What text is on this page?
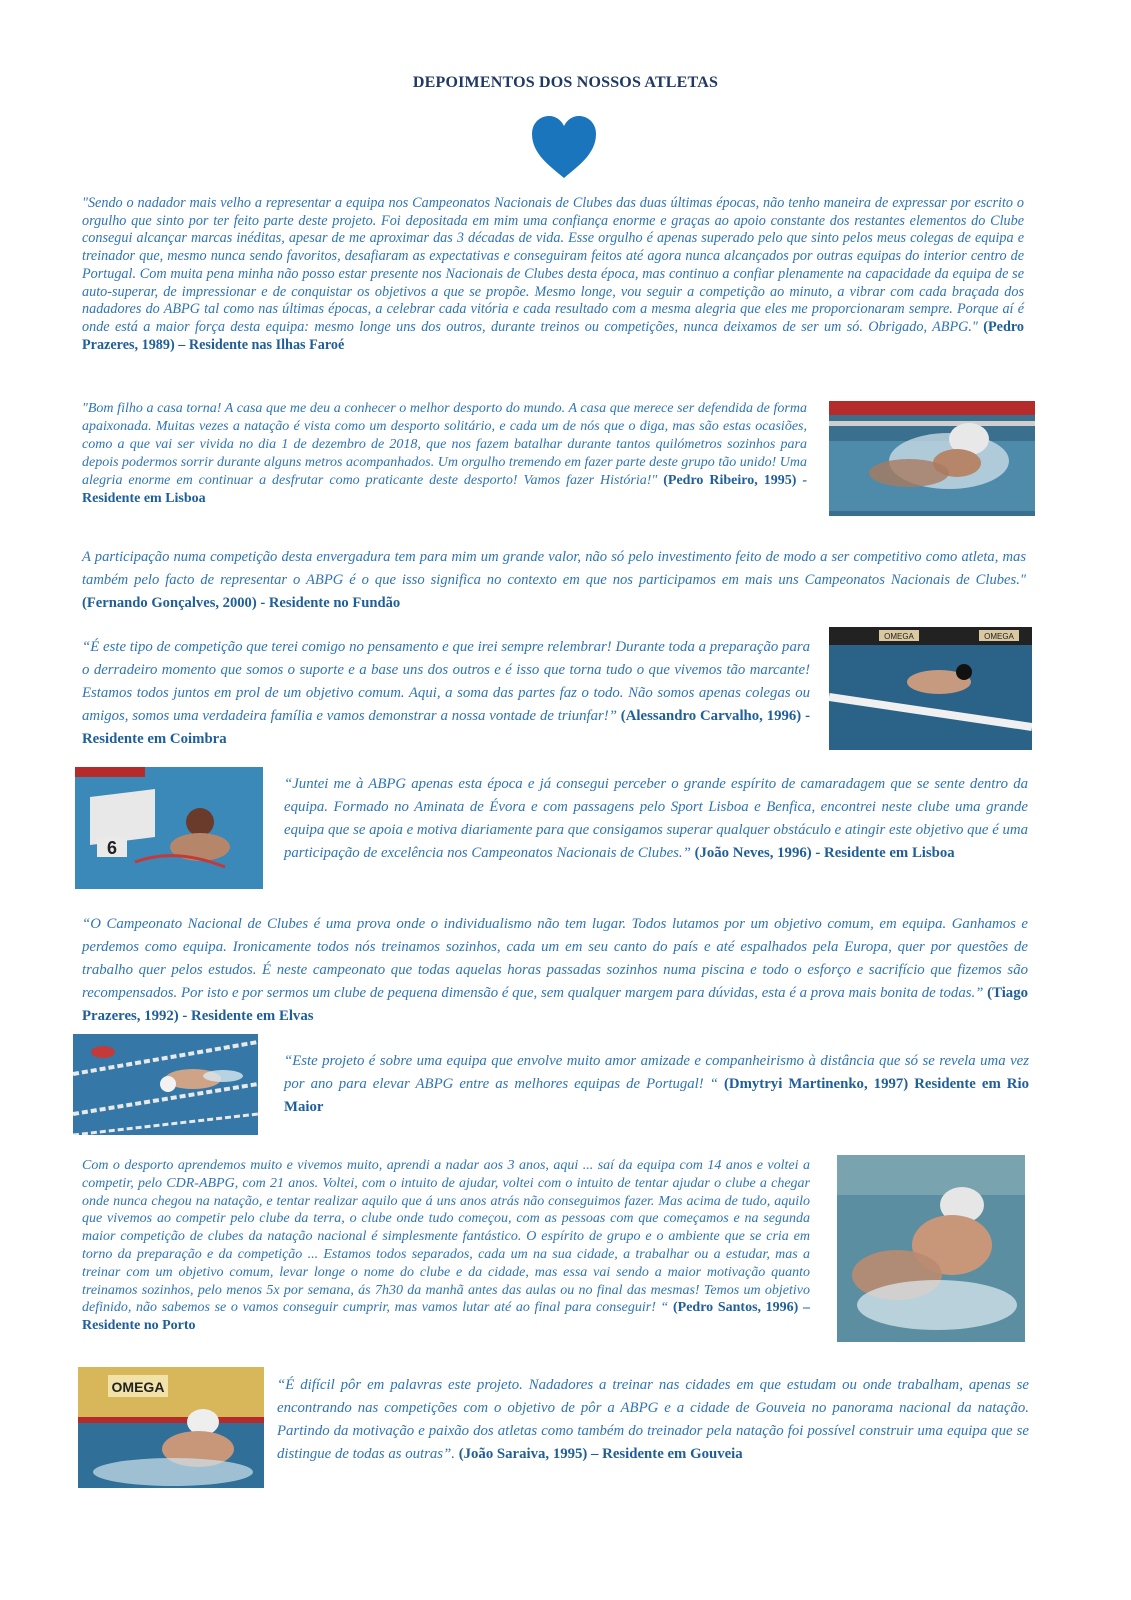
DEPOIMENTOS DOS NOSSOS ATLETAS
"Sendo o nadador mais velho a representar a equipa nos Campeonatos Nacionais de Clubes das duas últimas épocas, não tenho maneira de expressar por escrito o orgulho que sinto por ter feito parte deste projeto. Foi depositada em mim uma confiança enorme e graças ao apoio constante dos restantes elementos do Clube consegui alcançar marcas inéditas, apesar de me aproximar das 3 décadas de vida. Esse orgulho é apenas superado pelo que sinto pelos meus colegas de equipa e treinador que, mesmo nunca sendo favoritos, desafiaram as expectativas e conseguiram feitos até agora nunca alcançados por outras equipas do interior centro de Portugal. Com muita pena minha não posso estar presente nos Nacionais de Clubes desta época, mas continuo a confiar plenamente na capacidade da equipa de se auto-superar, de impressionar e de conquistar os objetivos a que se propõe. Mesmo longe, vou seguir a competição ao minuto, a vibrar com cada braçada dos nadadores do ABPG tal como nas últimas épocas, a celebrar cada vitória e cada resultado com a mesma alegria que eles me proporcionaram sempre. Porque aí é onde está a maior força desta equipa: mesmo longe uns dos outros, durante treinos ou competições, nunca deixamos de ser um só. Obrigado, ABPG." (Pedro Prazeres, 1989) – Residente nas Ilhas Faroé
"Bom filho a casa torna! A casa que me deu a conhecer o melhor desporto do mundo. A casa que merece ser defendida de forma apaixonada. Muitas vezes a natação é vista como um desporto solitário, e cada um de nós que o diga, mas são estas ocasiões, como a que vai ser vivida no dia 1 de dezembro de 2018, que nos fazem batalhar durante tantos quilómetros sozinhos para depois podermos sorrir durante alguns metros acompanhados. Um orgulho tremendo em fazer parte deste grupo tão unido! Uma alegria enorme em continuar a desfrutar como praticante deste desporto! Vamos fazer História!" (Pedro Ribeiro, 1995) - Residente em Lisboa
A participação numa competição desta envergadura tem para mim um grande valor, não só pelo investimento feito de modo a ser competitivo como atleta, mas também pelo facto de representar o ABPG é o que isso significa no contexto em que nos participamos em mais uns Campeonatos Nacionais de Clubes." (Fernando Gonçalves, 2000) - Residente no Fundão
“É este tipo de competição que terei comigo no pensamento e que irei sempre relembrar! Durante toda a preparação para o derradeiro momento que somos o suporte e a base uns dos outros e é isso que torna tudo o que vivemos tão marcante! Estamos todos juntos em prol de um objetivo comum. Aqui, a soma das partes faz o todo. Não somos apenas colegas ou amigos, somos uma verdadeira família e vamos demonstrar a nossa vontade de triunfar!” (Alessandro Carvalho, 1996) - Residente em Coimbra
OMEGA	OMEGA
6
“Juntei me à ABPG apenas esta época e já consegui perceber o grande espírito de camaradagem que se sente dentro da equipa. Formado no Aminata de Évora e com passagens pelo Sport Lisboa e Benfica, encontrei neste clube uma grande equipa que se apoia e motiva diariamente para que consigamos superar qualquer obstáculo e atingir este objetivo que é uma participação de excelência nos Campeonatos Nacionais de Clubes.” (João Neves, 1996) - Residente em Lisboa
“O Campeonato Nacional de Clubes é uma prova onde o individualismo não tem lugar. Todos lutamos por um objetivo comum, em equipa. Ganhamos e perdemos como equipa. Ironicamente todos nós treinamos sozinhos, cada um em seu canto do país e até espalhados pela Europa, quer por questões de trabalho quer pelos estudos. É neste campeonato que todas aquelas horas passadas sozinhos numa piscina e todo o esforço e sacrifício que fizemos são recompensados. Por isto e por sermos um clube de pequena dimensão é que, sem qualquer margem para dúvidas, esta é a prova mais bonita de todas.” (Tiago Prazeres, 1992) - Residente em Elvas
“Este projeto é sobre uma equipa que envolve muito amor amizade e companheirismo à distância que só se revela uma vez por ano para elevar ABPG entre as melhores equipas de Portugal! “ (Dmytryi Martinenko, 1997) Residente em Rio Maior
Com o desporto aprendemos muito e vivemos muito, aprendi a nadar aos 3 anos, aqui ... saí da equipa com 14 anos e voltei a competir, pelo CDR-ABPG, com 21 anos. Voltei, com o intuito de ajudar, voltei com o intuito de tentar ajudar o clube a chegar onde nunca chegou na natação, e tentar realizar aquilo que á uns anos atrás não conseguimos fazer. Mas acima de tudo, aquilo que vivemos ao competir pelo clube da terra, o clube onde tudo começou, com as pessoas com que começamos e na segunda maior competição de clubes da natação nacional é simplesmente fantástico. O espírito de grupo e o ambiente que se cria em torno da preparação e da competição ... Estamos todos separados, cada um na sua cidade, a trabalhar ou a estudar, mas a treinar com um objetivo comum, levar longe o nome do clube e da cidade, mas essa vai sendo a maior motivação quanto treinamos sozinhos, pelo menos 5x por semana, ás 7h30 da manhã antes das aulas ou no final das mesmas! Temos um objetivo definido, não sabemos se o vamos conseguir cumprir, mas vamos lutar até ao final para conseguir! “ (Pedro Santos, 1996) – Residente no Porto
OMEGA	“É difícil pôr em palavras este projeto. Nadadores a treinar nas cidades em que estudam ou onde trabalham, apenas se encontrando nas competições com o objetivo de pôr a ABPG e a cidade de Gouveia no panorama nacional da natação. Partindo da motivação e paixão dos atletas como também do treinador pela natação foi possível construir uma equipa que se distingue de todas as outras”. (João Saraiva, 1995) – Residente em Gouveia
